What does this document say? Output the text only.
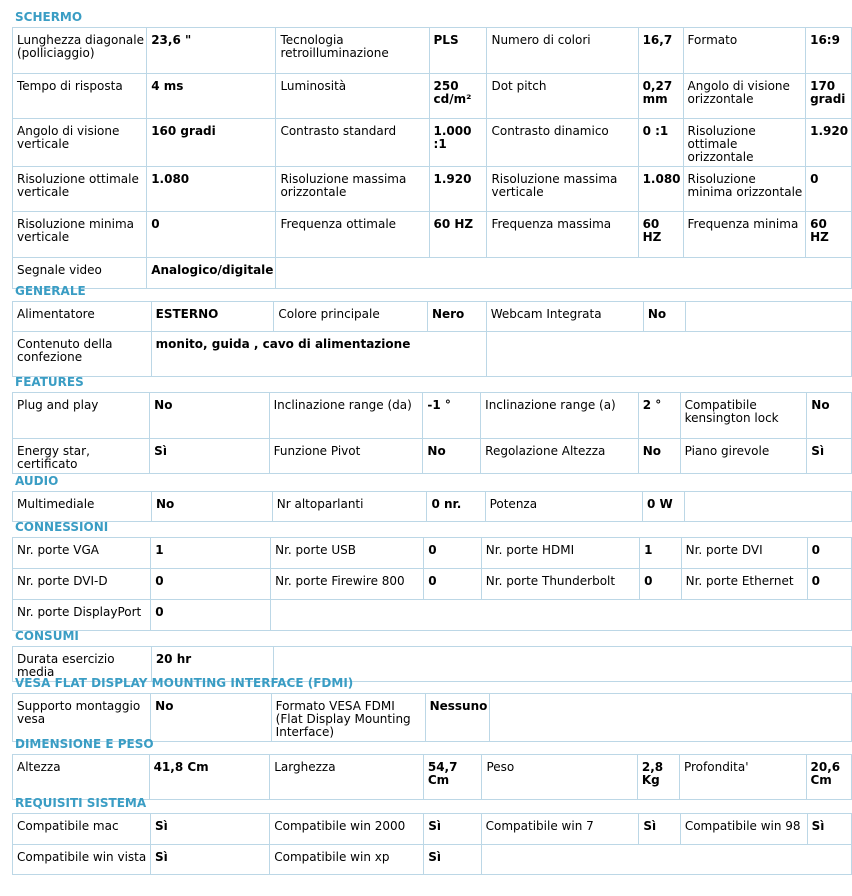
SCHERMO
Lunghezza diagonale (polliciaggio)	23,6 "	Tecnologia retroilluminazione	PLS	Numero di colori	16,7	Formato	16:9
Tempo di risposta	4 ms	Luminosità	250 cd/m²	Dot pitch	0,27 mm	Angolo di visione orizzontale	170 gradi
Angolo di visione verticale	160 gradi	Contrasto standard	1.000 :1	Contrasto dinamico	0 :1	Risoluzione ottimale orizzontale	1.920
Risoluzione ottimale verticale	1.080	Risoluzione massima orizzontale	1.920	Risoluzione massima verticale	1.080	Risoluzione minima orizzontale	0
Risoluzione minima verticale	0	Frequenza ottimale	60 HZ	Frequenza massima	60 HZ	Frequenza minima	60 HZ
Segnale video	Analogico/digitale						
GENERALE
Alimentatore	ESTERNO	Colore principale	Nero	Webcam Integrata	No	
Contenuto della confezione	monito, guida , cavo di alimentazione					
FEATURES
Plug and play	No	Inclinazione range (da)	-1 °	Inclinazione range (a)	2 °	Compatibile kensington lock	No
Energy star, certificato	Sì	Funzione Pivot	No	Regolazione Altezza	No	Piano girevole	Sì
AUDIO
Multimediale	No	Nr altoparlanti	0 nr.	Potenza	0 W	
CONNESSIONI
Nr. porte VGA	1	Nr. porte USB	0	Nr. porte HDMI	1	Nr. porte DVI	0
Nr. porte DVI-D	0	Nr. porte Firewire 800	0	Nr. porte Thunderbolt	0	Nr. porte Ethernet	0
Nr. porte DisplayPort	0						
CONSUMI
Durata esercizio media	20 hr	
VESA FLAT DISPLAY MOUNTING INTERFACE (FDMI)
Supporto montaggio vesa	No	Formato VESA FDMI (Flat Display Mounting Interface)	Nessuno	
DIMENSIONE E PESO
Altezza	41,8 Cm	Larghezza	54,7 Cm	Peso	2,8 Kg	Profondita'	20,6 Cm
REQUISITI SISTEMA
Compatibile mac	Sì	Compatibile win 2000	Sì	Compatibile win 7	Sì	Compatibile win 98	Sì
Compatibile win vista	Sì	Compatibile win xp	Sì				
